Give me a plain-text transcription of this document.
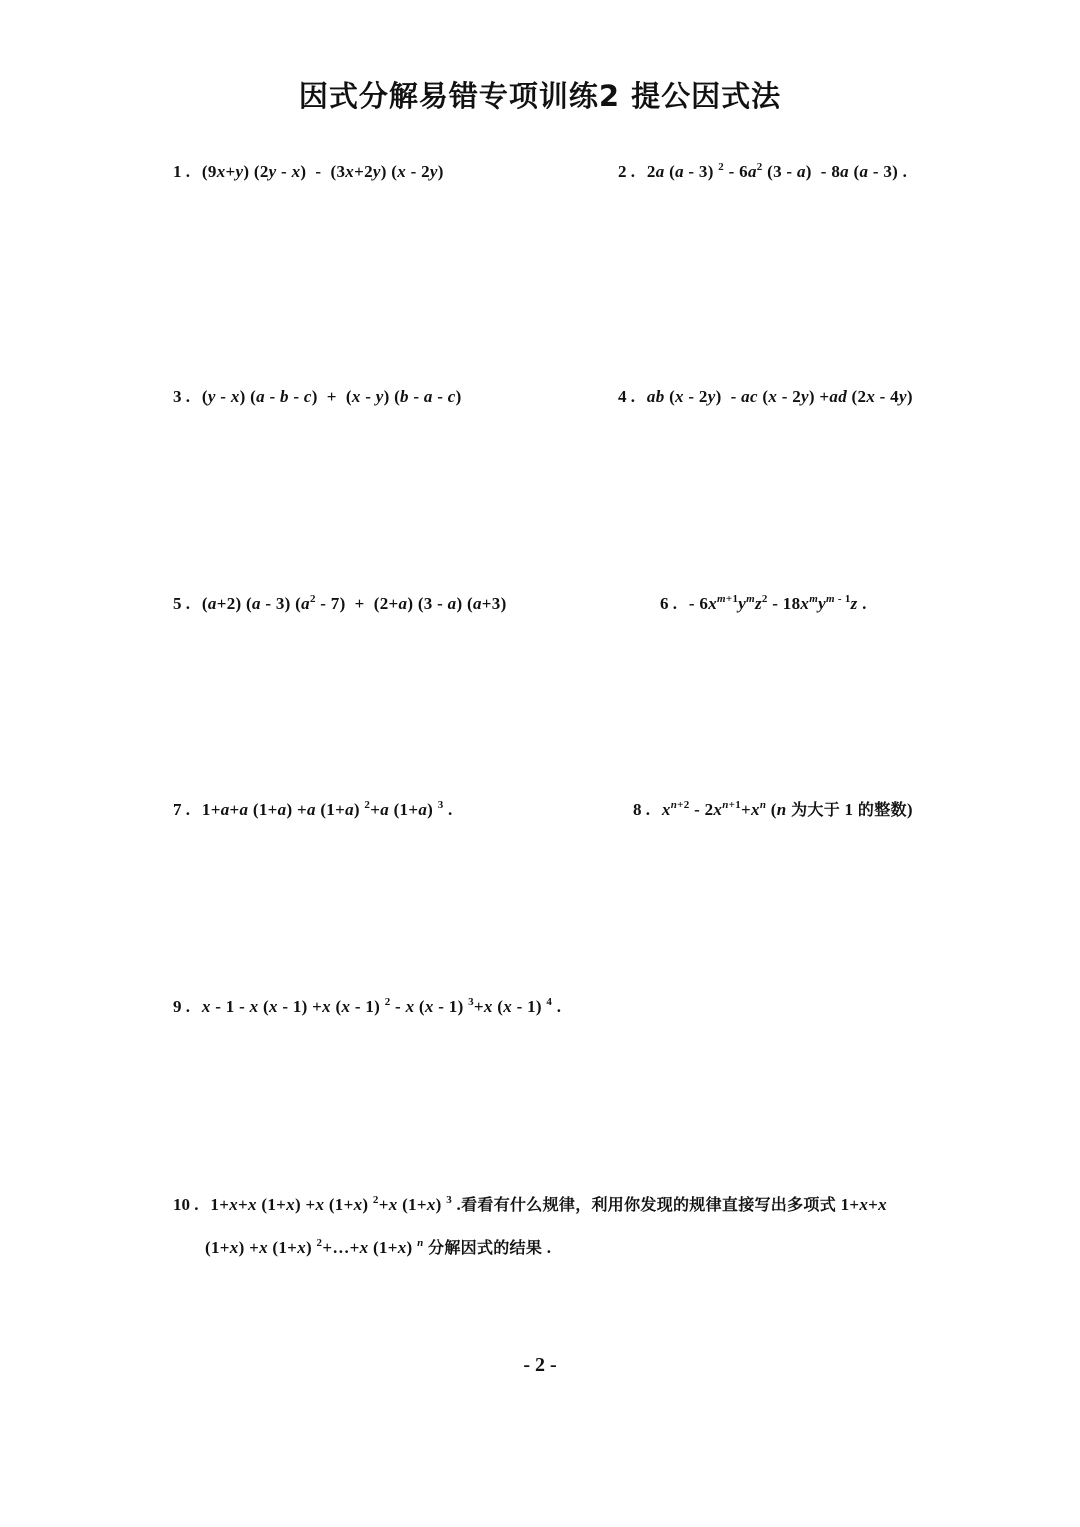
因式分解易错专项训练2 提公因式法
1 . (9x+y) (2y - x)  -  (3x+2y) (x - 2y)	2 . 2a (a - 3) $^2 - 6a^2$ (3 - a)  - 8a (a - 3) .
3 . (y - x) (a - b - c)  +  (x - y) (b - a - c)	4 . ab (x - 2y)  - ac (x - 2y) +ad (2x - 4y)
5 . (a+2) (a - 3) $(a^2 - 7) + (2+a)$ (3 - a) (a+3)	6 . - $6x^{m+1}y^mz^2 - 18x^my^{m - 1}z$ .
7 . 1+a+a (1+a) +a (1+a) $^2$+a (1+a) $^3$ .	8 . $x^{n+2} - 2x^{n+1}+x^n$ (n 为大于 1 的整数)
9 . x - 1 - x (x - 1) +x (x - 1) $^2$ - x (x - 1) $^3$+x (x - 1) $^4$ .
10 . 1+x+x (1+x) +x (1+x) $^2$+x (1+x) $^3$ .看看有什么规律，利用你发现的规律直接写出多项式 1+x+x
(1+x) +x (1+x) $^2$+…+x (1+x) $^n$ 分解因式的结果 .
- 2 -
